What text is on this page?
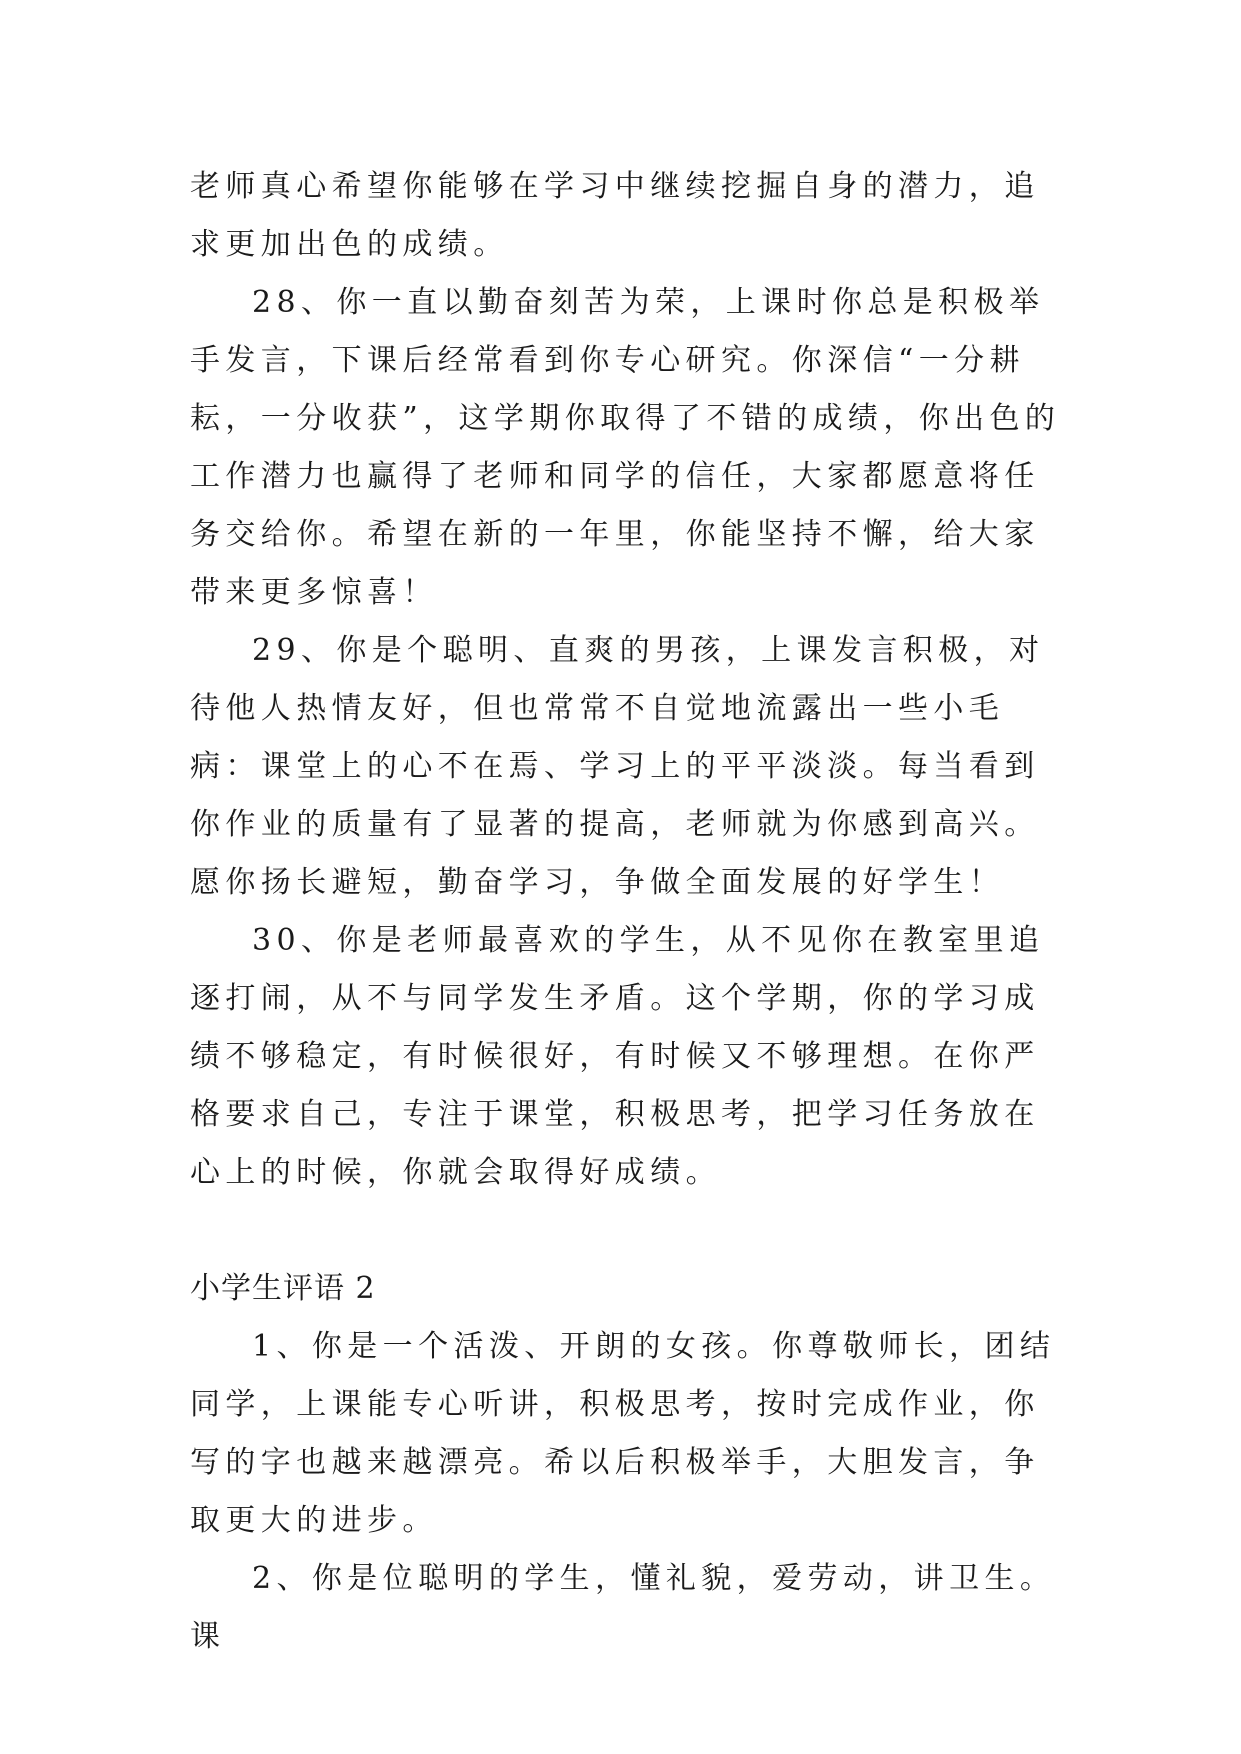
老师真心希望你能够在学习中继续挖掘自身的潜力，追求更加出色的成绩。

28、你一直以勤奋刻苦为荣，上课时你总是积极举手发言，下课后经常看到你专心研究。你深信“一分耕耘，一分收获”，这学期你取得了不错的成绩，你出色的工作潜力也赢得了老师和同学的信任，大家都愿意将任务交给你。希望在新的一年里，你能坚持不懈，给大家带来更多惊喜！

29、你是个聪明、直爽的男孩，上课发言积极，对待他人热情友好，但也常常不自觉地流露出一些小毛病：课堂上的心不在焉、学习上的平平淡淡。每当看到你作业的质量有了显著的提高，老师就为你感到高兴。愿你扬长避短，勤奋学习，争做全面发展的好学生！

30、你是老师最喜欢的学生，从不见你在教室里追逐打闹，从不与同学发生矛盾。这个学期，你的学习成绩不够稳定，有时候很好，有时候又不够理想。在你严格要求自己，专注于课堂，积极思考，把学习任务放在心上的时候，你就会取得好成绩。

小学生评语 2

1、你是一个活泼、开朗的女孩。你尊敬师长，团结同学，上课能专心听讲，积极思考，按时完成作业，你写的字也越来越漂亮。希以后积极举手，大胆发言，争取更大的进步。

2、你是位聪明的学生，懂礼貌，爱劳动，讲卫生。课
